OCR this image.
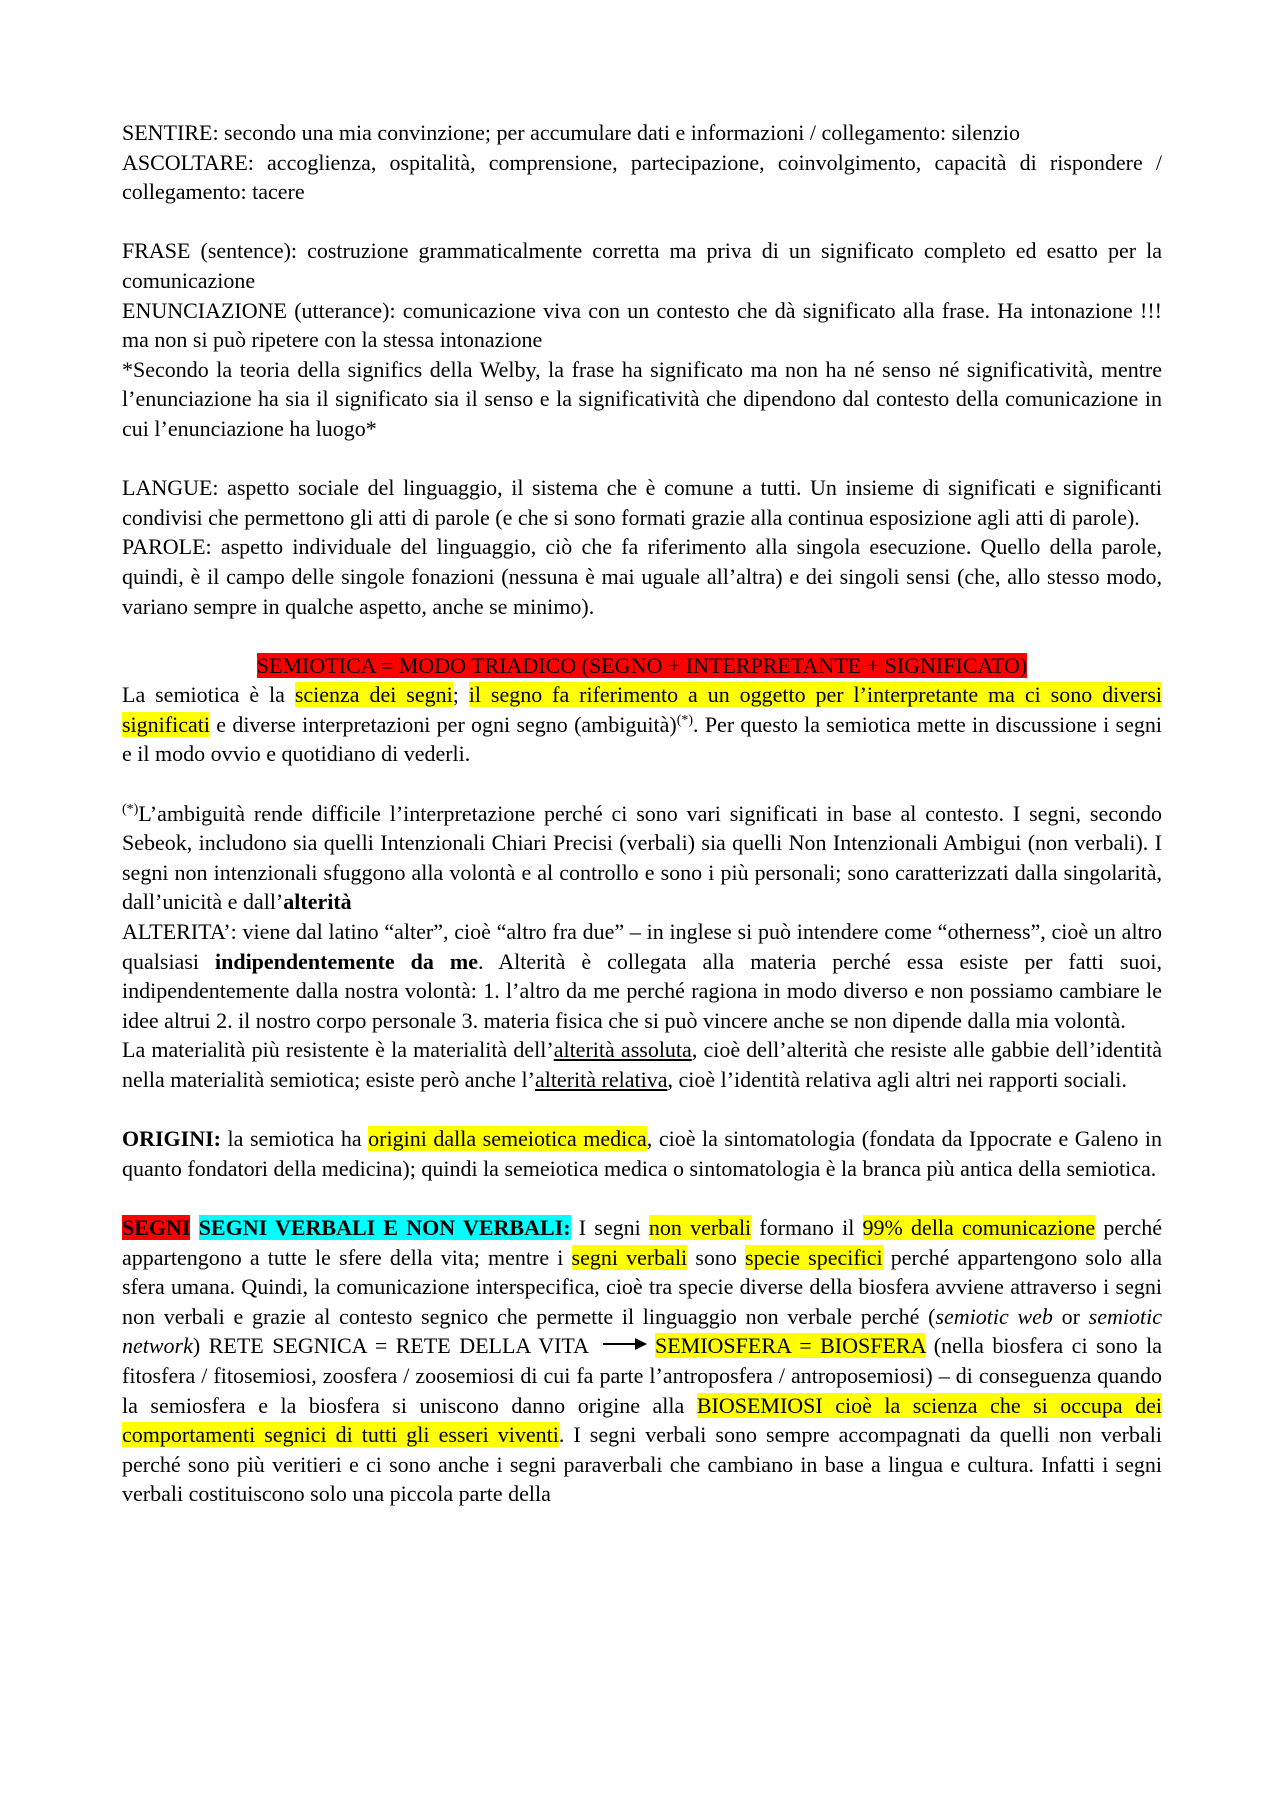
SENTIRE: secondo una mia convinzione; per accumulare dati e informazioni / collegamento: silenzio

ASCOLTARE: accoglienza, ospitalità, comprensione, partecipazione, coinvolgimento, capacità di rispondere / collegamento: tacere

FRASE (sentence): costruzione grammaticalmente corretta ma priva di un significato completo ed esatto per la comunicazione

ENUNCIAZIONE (utterance): comunicazione viva con un contesto che dà significato alla frase. Ha intonazione !!! ma non si può ripetere con la stessa intonazione

*Secondo la teoria della significs della Welby, la frase ha significato ma non ha né senso né significatività, mentre l’enunciazione ha sia il significato sia il senso e la significatività che dipendono dal contesto della comunicazione in cui l’enunciazione ha luogo*

LANGUE: aspetto sociale del linguaggio, il sistema che è comune a tutti. Un insieme di significati e significanti condivisi che permettono gli atti di parole (e che si sono formati grazie alla continua esposizione agli atti di parole).

PAROLE: aspetto individuale del linguaggio, ciò che fa riferimento alla singola esecuzione. Quello della parole, quindi, è il campo delle singole fonazioni (nessuna è mai uguale all’altra) e dei singoli sensi (che, allo stesso modo, variano sempre in qualche aspetto, anche se minimo).

SEMIOTICA = MODO TRIADICO (SEGNO + INTERPRETANTE + SIGNIFICATO)

La semiotica è la scienza dei segni; il segno fa riferimento a un oggetto per l’interpretante ma ci sono diversi significati e diverse interpretazioni per ogni segno (ambiguità)(*). Per questo la semiotica mette in discussione i segni e il modo ovvio e quotidiano di vederli.

(*)L’ambiguità rende difficile l’interpretazione perché ci sono vari significati in base al contesto. I segni, secondo Sebeok, includono sia quelli Intenzionali Chiari Precisi (verbali) sia quelli Non Intenzionali Ambigui (non verbali). I segni non intenzionali sfuggono alla volontà e al controllo e sono i più personali; sono caratterizzati dalla singolarità, dall’unicità e dall’alterità

ALTERITA’: viene dal latino “alter”, cioè “altro fra due” – in inglese si può intendere come “otherness”, cioè un altro qualsiasi indipendentemente da me. Alterità è collegata alla materia perché essa esiste per fatti suoi, indipendentemente dalla nostra volontà: 1. l’altro da me perché ragiona in modo diverso e non possiamo cambiare le idee altrui 2. il nostro corpo personale 3. materia fisica che si può vincere anche se non dipende dalla mia volontà.

La materialità più resistente è la materialità dell’alterità assoluta, cioè dell’alterità che resiste alle gabbie dell’identità nella materialità semiotica; esiste però anche l’alterità relativa, cioè l’identità relativa agli altri nei rapporti sociali.

ORIGINI: la semiotica ha origini dalla semeiotica medica, cioè la sintomatologia (fondata da Ippocrate e Galeno in quanto fondatori della medicina); quindi la semeiotica medica o sintomatologia è la branca più antica della semiotica.

SEGNI SEGNI VERBALI E NON VERBALI: I segni non verbali formano il 99% della comunicazione perché appartengono a tutte le sfere della vita; mentre i segni verbali sono specie specifici perché appartengono solo alla sfera umana. Quindi, la comunicazione interspecifica, cioè tra specie diverse della biosfera avviene attraverso i segni non verbali e grazie al contesto segnico che permette il linguaggio non verbale perché (semiotic web or semiotic network) RETE SEGNICA = RETE DELLA VITA	SEMIOSFERA = BIOSFERA (nella biosfera ci sono la fitosfera / fitosemiosi, zoosfera / zoosemiosi di cui fa parte l’antroposfera / antroposemiosi) – di conseguenza quando la semiosfera e la biosfera si uniscono danno origine alla BIOSEMIOSI cioè la scienza che si occupa dei comportamenti segnici di tutti gli esseri viventi. I segni verbali sono sempre accompagnati da quelli non verbali perché sono più veritieri e ci sono anche i segni paraverbali che cambiano in base a lingua e cultura. Infatti i segni verbali costituiscono solo una piccola parte della
